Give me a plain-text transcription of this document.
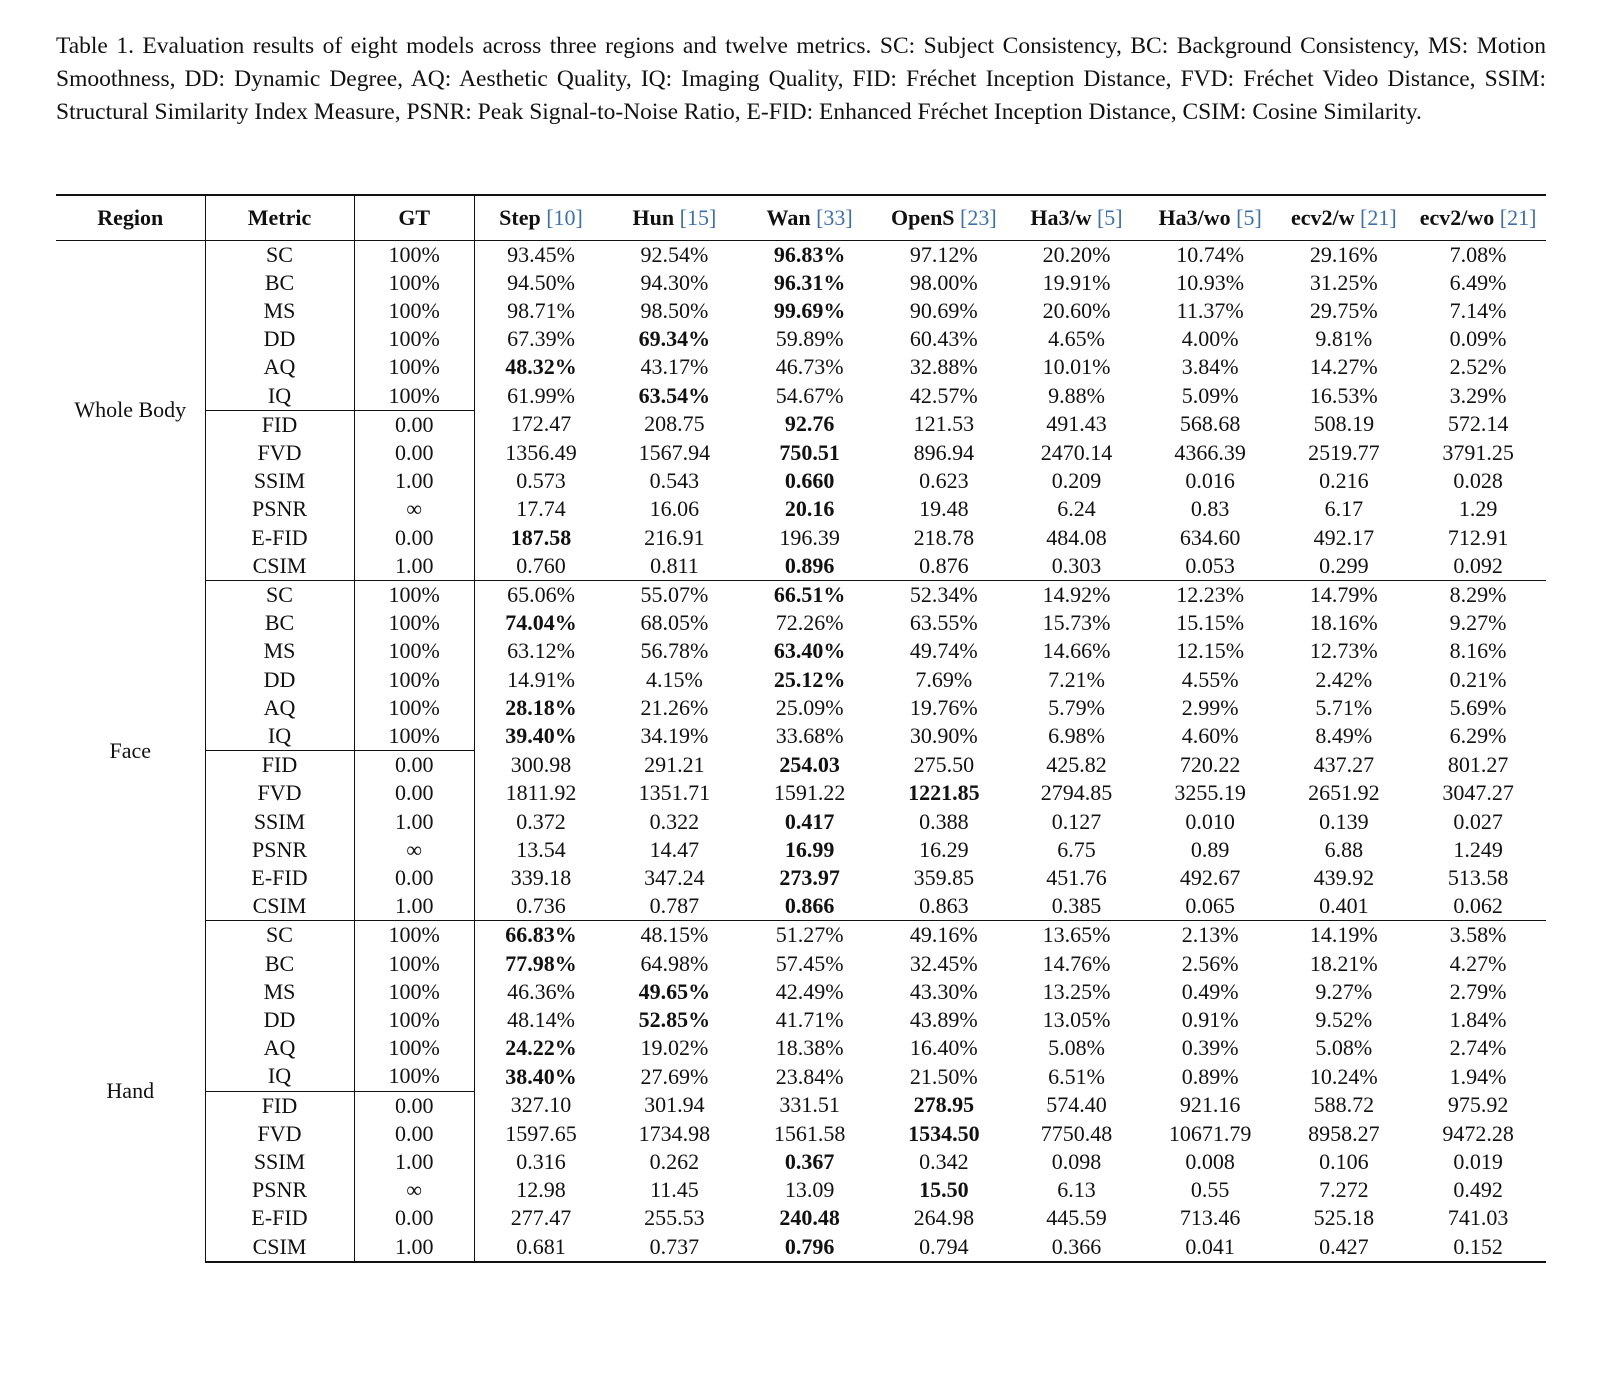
Table 1. Evaluation results of eight models across three regions and twelve metrics. SC: Subject Consistency, BC: Background Consistency, MS: Motion Smoothness, DD: Dynamic Degree, AQ: Aesthetic Quality, IQ: Imaging Quality, FID: Fréchet Inception Distance, FVD: Fréchet Video Distance, SSIM: Structural Similarity Index Measure, PSNR: Peak Signal-to-Noise Ratio, E-FID: Enhanced Fréchet Inception Distance, CSIM: Cosine Similarity.

Region	Metric	GT	Step [10]	Hun [15]	Wan [33]	OpenS [23]	Ha3/w [5]	Ha3/wo [5]	ecv2/w [21]	ecv2/wo [21]
Whole Body	SC	100%	93.45%	92.54%	96.83%	97.12%	20.20%	10.74%	29.16%	7.08%
	BC	100%	94.50%	94.30%	96.31%	98.00%	19.91%	10.93%	31.25%	6.49%
	MS	100%	98.71%	98.50%	99.69%	90.69%	20.60%	11.37%	29.75%	7.14%
	DD	100%	67.39%	69.34%	59.89%	60.43%	4.65%	4.00%	9.81%	0.09%
	AQ	100%	48.32%	43.17%	46.73%	32.88%	10.01%	3.84%	14.27%	2.52%
	IQ	100%	61.99%	63.54%	54.67%	42.57%	9.88%	5.09%	16.53%	3.29%
	FID	0.00	172.47	208.75	92.76	121.53	491.43	568.68	508.19	572.14
	FVD	0.00	1356.49	1567.94	750.51	896.94	2470.14	4366.39	2519.77	3791.25
	SSIM	1.00	0.573	0.543	0.660	0.623	0.209	0.016	0.216	0.028
	PSNR	∞	17.74	16.06	20.16	19.48	6.24	0.83	6.17	1.29
	E-FID	0.00	187.58	216.91	196.39	218.78	484.08	634.60	492.17	712.91
	CSIM	1.00	0.760	0.811	0.896	0.876	0.303	0.053	0.299	0.092
Face	SC	100%	65.06%	55.07%	66.51%	52.34%	14.92%	12.23%	14.79%	8.29%
	BC	100%	74.04%	68.05%	72.26%	63.55%	15.73%	15.15%	18.16%	9.27%
	MS	100%	63.12%	56.78%	63.40%	49.74%	14.66%	12.15%	12.73%	8.16%
	DD	100%	14.91%	4.15%	25.12%	7.69%	7.21%	4.55%	2.42%	0.21%
	AQ	100%	28.18%	21.26%	25.09%	19.76%	5.79%	2.99%	5.71%	5.69%
	IQ	100%	39.40%	34.19%	33.68%	30.90%	6.98%	4.60%	8.49%	6.29%
	FID	0.00	300.98	291.21	254.03	275.50	425.82	720.22	437.27	801.27
	FVD	0.00	1811.92	1351.71	1591.22	1221.85	2794.85	3255.19	2651.92	3047.27
	SSIM	1.00	0.372	0.322	0.417	0.388	0.127	0.010	0.139	0.027
	PSNR	∞	13.54	14.47	16.99	16.29	6.75	0.89	6.88	1.249
	E-FID	0.00	339.18	347.24	273.97	359.85	451.76	492.67	439.92	513.58
	CSIM	1.00	0.736	0.787	0.866	0.863	0.385	0.065	0.401	0.062
Hand	SC	100%	66.83%	48.15%	51.27%	49.16%	13.65%	2.13%	14.19%	3.58%
	BC	100%	77.98%	64.98%	57.45%	32.45%	14.76%	2.56%	18.21%	4.27%
	MS	100%	46.36%	49.65%	42.49%	43.30%	13.25%	0.49%	9.27%	2.79%
	DD	100%	48.14%	52.85%	41.71%	43.89%	13.05%	0.91%	9.52%	1.84%
	AQ	100%	24.22%	19.02%	18.38%	16.40%	5.08%	0.39%	5.08%	2.74%
	IQ	100%	38.40%	27.69%	23.84%	21.50%	6.51%	0.89%	10.24%	1.94%
	FID	0.00	327.10	301.94	331.51	278.95	574.40	921.16	588.72	975.92
	FVD	0.00	1597.65	1734.98	1561.58	1534.50	7750.48	10671.79	8958.27	9472.28
	SSIM	1.00	0.316	0.262	0.367	0.342	0.098	0.008	0.106	0.019
	PSNR	∞	12.98	11.45	13.09	15.50	6.13	0.55	7.272	0.492
	E-FID	0.00	277.47	255.53	240.48	264.98	445.59	713.46	525.18	741.03
	CSIM	1.00	0.681	0.737	0.796	0.794	0.366	0.041	0.427	0.152
